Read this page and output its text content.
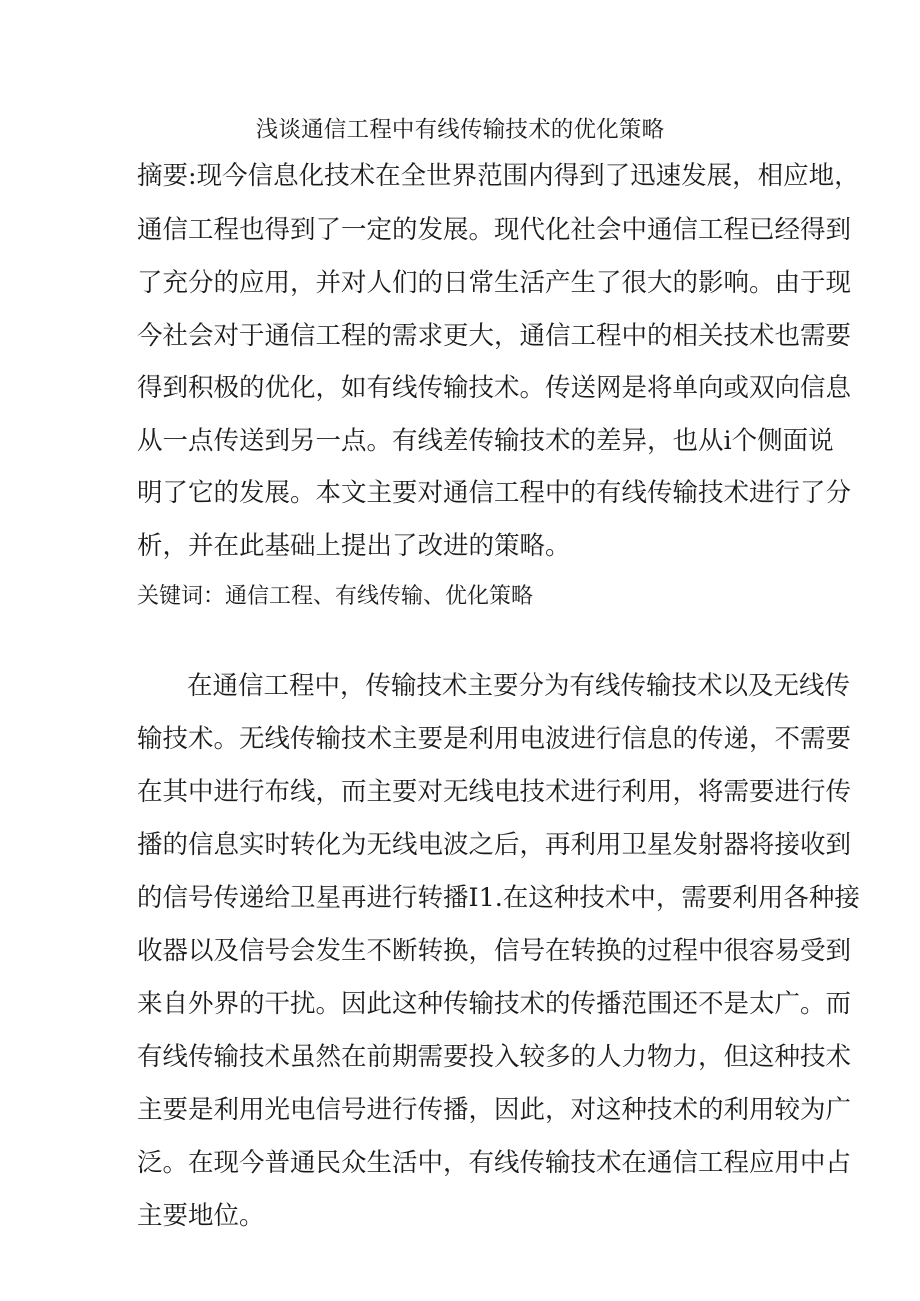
浅谈通信工程中有线传输技术的优化策略
摘要:现今信息化技术在全世界范围内得到了迅速发展，相应地，
通信工程也得到了一定的发展。现代化社会中通信工程已经得到
了充分的应用，并对人们的日常生活产生了很大的影响。由于现
今社会对于通信工程的需求更大，通信工程中的相关技术也需要
得到积极的优化，如有线传输技术。传送网是将单向或双向信息
从一点传送到另一点。有线差传输技术的差异，也从i个侧面说
明了它的发展。本文主要对通信工程中的有线传输技术进行了分
析，并在此基础上提出了改进的策略。
关键词：通信工程、有线传输、优化策略
在通信工程中，传输技术主要分为有线传输技术以及无线传
输技术。无线传输技术主要是利用电波进行信息的传递，不需要
在其中进行布线，而主要对无线电技术进行利用，将需要进行传
播的信息实时转化为无线电波之后，再利用卫星发射器将接收到
的信号传递给卫星再进行转播I1.在这种技术中，需要利用各种接
收器以及信号会发生不断转换，信号在转换的过程中很容易受到
来自外界的干扰。因此这种传输技术的传播范围还不是太广。而
有线传输技术虽然在前期需要投入较多的人力物力，但这种技术
主要是利用光电信号进行传播，因此，对这种技术的利用较为广
泛。在现今普通民众生活中，有线传输技术在通信工程应用中占
主要地位。
